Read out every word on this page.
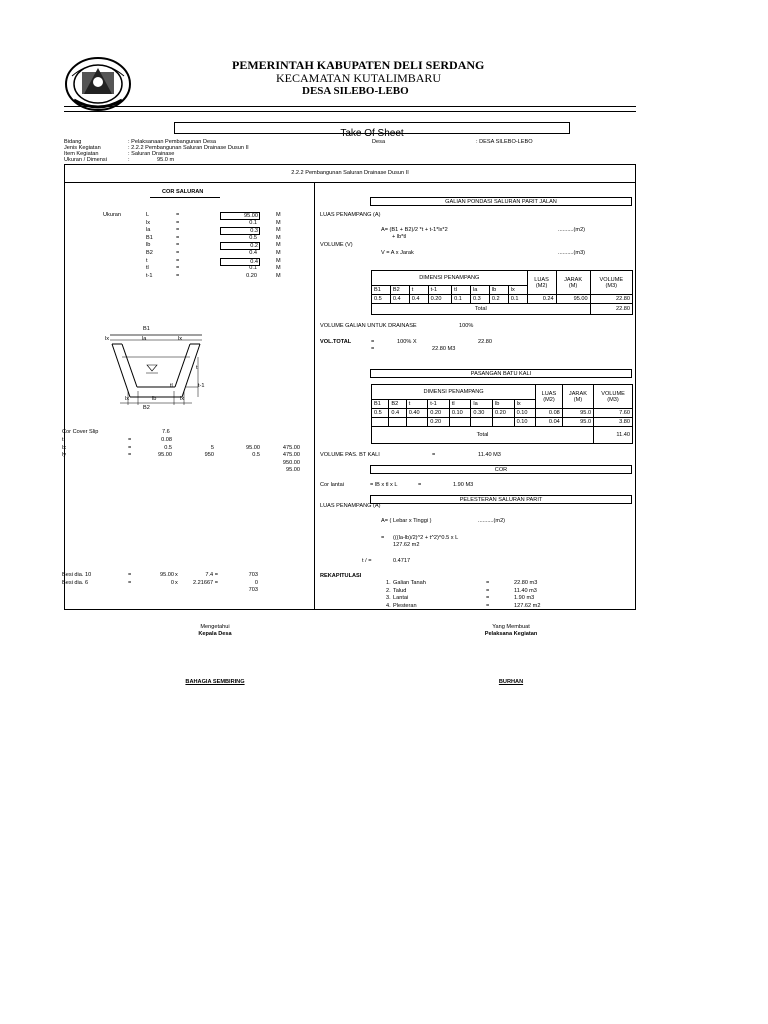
PEMERINTAH KABUPATEN DELI SERDANG
KECAMATAN KUTALIMBARU
DESA SILEBO-LEBO
Take Of Sheet
Bidang	: Pelaksanaan Pembangunan Desa
Jenis Kegiatan	: 2.2.2 Pembangunan Saluran Drainase Dusun II
Item Kegiatan	: Saluran Drainase
Ukuran / Dimensi	:	95.0 m
Desa	: DESA SILEBO-LEBO
2.2.2 Pembangunan Saluran Drainase Dusun II
COR SALURAN
Ukuran	L	=	95.00	M
lx	=	0.1	M
la	=	0.3	M
B1	=	0.5	M
lb	=	0.2	M
B2	=	0.4	M
t	=	0.4	M
tl	=	0.1	M
t-1	=	0.20	M
B1
la
lx	lx
t
tl	t-1
lx	lb	lx
B2
Cor Cover Slip	7.6
t	=	0.08
lx	=	0.5	5	95.00	475.00
ly	=	95.00	950	0.5	475.00
950.00
95.00
Besi dia. 10	=	95.00 x	7.4 =	703
Besi dia. 6	=	0 x	2.21667 =	0
703
GALIAN PONDASI SALURAN PARIT JALAN
LUAS PENAMPANG (A)
A= (B1 + B2)/2 *t + t-1*lx*2
+ lb*tl
..........(m2)
VOLUME (V)
V = A x Jarak	..........(m3)
DIMENSI PENAMPANG								LUAS
(M2)	JARAK
(M)	VOLUME
(M3)
B1	B2	t	t-1	tl	la	lb	lx			
0.5	0.4	0.4	0.20	0.1	0.3	0.2	0.1	0.24	95.00	22.80
Total										22.80
VOLUME GALIAN UNTUK DRAINASE	100%
VOL.TOTAL	=	100% X	22.80
=	22.80 M3
PASANGAN BATU KALI
DIMENSI PENAMPANG								LUAS
(M2)	JARAK
(M)	VOLUME
(M3)
B1	B2	t	t-1	tl	la	lb	lx			
0.5	0.4	0.40	0.20	0.10	0.30	0.20	0.10	0.08	95.0	7.60
			0.20				0.10	0.04	95.0	3.80
Total										11.40
VOLUME PAS. BT KALI	=	11.40 M3
COR
Cor lantai	= lB x tl x L	=	1.90 M3
PELESTERAN SALURAN PARIT
LUAS PENAMPANG (A)
A= ( Lebar x Tinggi )	..........(m2)
= (((la-lb)/2)^2 + t^2)^0.5 x L
127.62 m2
t / =	0.4717
REKAPITULASI
1. Galian Tanah	=	22.80 m3
2. Talud	=	11.40 m3
3. Lantai	=	1.90 m3
4. Plesteran	=	127.62 m2
Mengetahui
Kepala Desa
BAHAGIA SEMBIRING
Yang Membuat
Pelaksana Kegiatan
BURHAN
